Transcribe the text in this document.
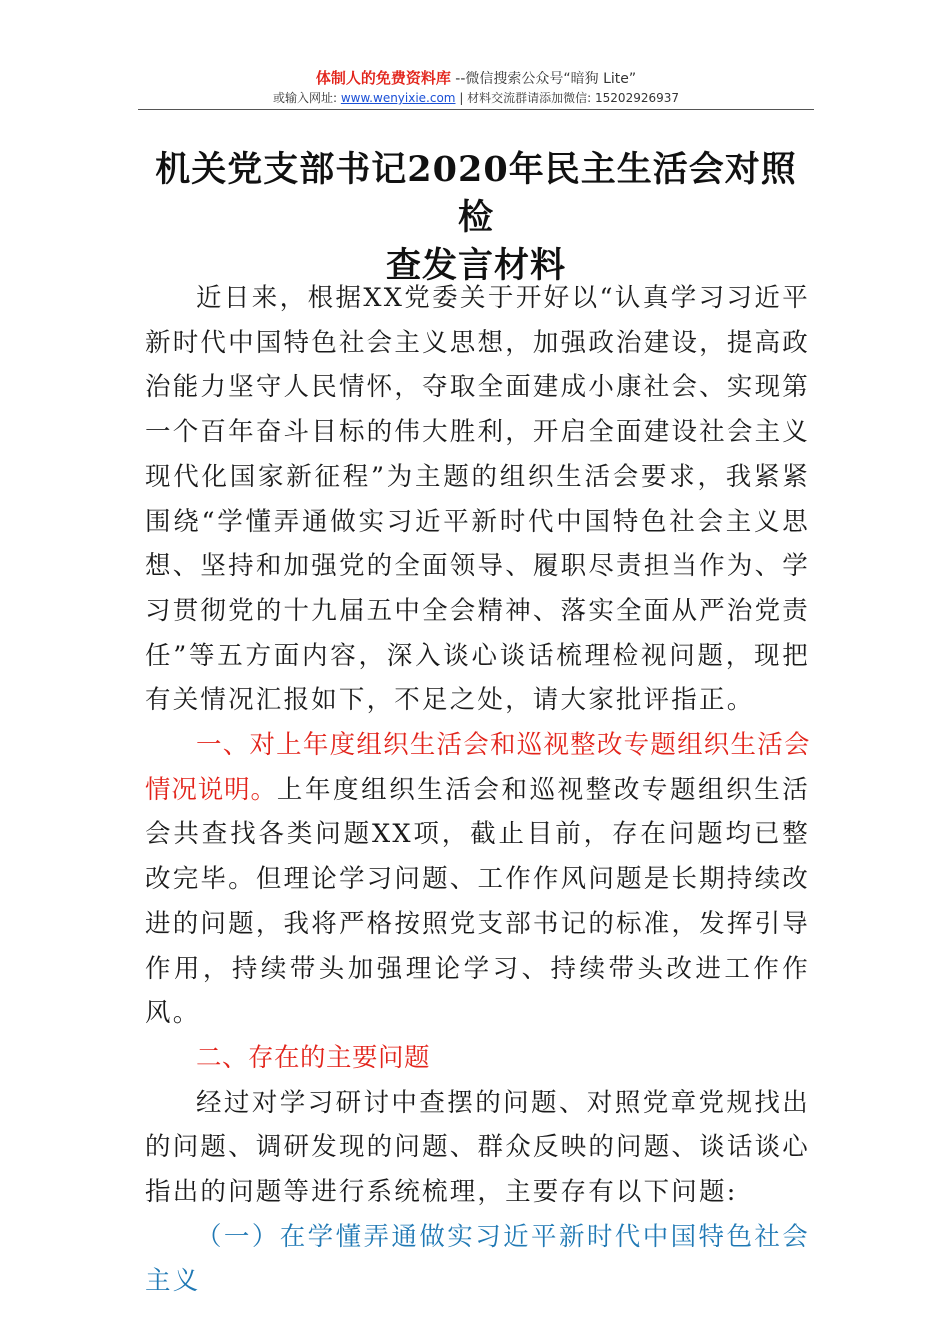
体制人的免费资料库 --微信搜索公众号“暗狗 Lite”
或输入网址: www.wenyixie.com | 材料交流群请添加微信: 15202926937
机关党支部书记2020年民主生活会对照检
查发言材料

近日来，根据XX党委关于开好以“认真学习习近平新时代中国特色社会主义思想，加强政治建设，提高政治能力坚守人民情怀，夺取全面建成小康社会、实现第一个百年奋斗目标的伟大胜利，开启全面建设社会主义现代化国家新征程”为主题的组织生活会要求，我紧紧围绕“学懂弄通做实习近平新时代中国特色社会主义思想、坚持和加强党的全面领导、履职尽责担当作为、学习贯彻党的十九届五中全会精神、落实全面从严治党责任”等五方面内容，深入谈心谈话梳理检视问题，现把有关情况汇报如下，不足之处，请大家批评指正。

一、对上年度组织生活会和巡视整改专题组织生活会情况说明。上年度组织生活会和巡视整改专题组织生活会共查找各类问题XX项，截止目前，存在问题均已整改完毕。但理论学习问题、工作作风问题是长期持续改进的问题，我将严格按照党支部书记的标准，发挥引导作用，持续带头加强理论学习、持续带头改进工作作风。

二、存在的主要问题

经过对学习研讨中查摆的问题、对照党章党规找出的问题、调研发现的问题、群众反映的问题、谈话谈心指出的问题等进行系统梳理，主要存有以下问题:

（一）在学懂弄通做实习近平新时代中国特色社会主义
